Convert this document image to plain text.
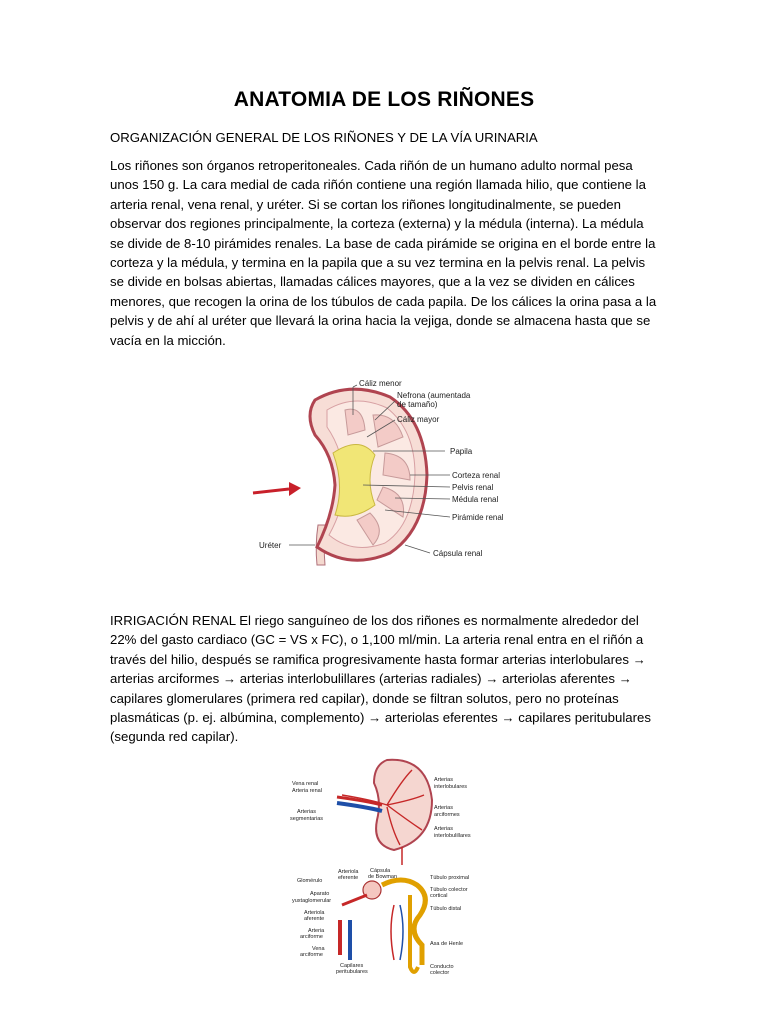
ANATOMIA DE LOS RIÑONES
ORGANIZACIÓN GENERAL DE LOS RIÑONES Y DE LA VÍA URINARIA
Los riñones son órganos retroperitoneales. Cada riñón de un humano adulto normal pesa unos 150 g. La cara medial de cada riñón contiene una región llamada hilio, que contiene la arteria renal, vena renal, y uréter. Si se cortan los riñones longitudinalmente, se pueden observar dos regiones principalmente, la corteza (externa) y la médula (interna). La médula se divide de 8-10 pirámides renales. La base de cada pirámide se origina en el borde entre la corteza y la médula, y termina en la papila que a su vez termina en la pelvis renal. La pelvis se divide en bolsas abiertas, llamadas cálices mayores, que a la vez se dividen en cálices menores, que recogen la orina de los túbulos de cada papila. De los cálices la orina pasa a la pelvis y de ahí al uréter que llevará la orina hacia la vejiga, donde se almacena hasta que se vacía en la micción.
Cáliz menor
Nefrona (aumentada
de tamaño)
Cáliz mayor
Papila
Corteza renal
Pelvis renal
Médula renal
Pirámide renal
Cápsula renal
Uréter
IRRIGACIÓN RENAL El riego sanguíneo de los dos riñones es normalmente alrededor del 22% del gasto cardiaco (GC = VS x FC), o 1,100 ml/min. La arteria renal entra en el riñón a través del hilio, después se ramifica progresivamente hasta formar arterias interlobulares → arterias arciformes → arterias interlobulillares (arterias radiales) → arteriolas aferentes → capilares glomerulares (primera red capilar), donde se filtran solutos, pero no proteínas plasmáticas (p. ej. albúmina, complemento) → arteriolas eferentes → capilares peritubulares (segunda red capilar).
Vena renal
Arteria renal
Arterias
segmentarias
Arterias
interlobulares
Arterias
arciformes
Arterias
interlobulillares
Arteriola
eferente
Cápsula
de Bowman
Glomérulo
Aparato
yuxtaglomerular
Arteriola
aferente
Arteria
arciforme
Vena
arciforme
Capilares
peritubulares
Túbulo proximal
Túbulo colector
cortical
Túbulo distal
Asa de Henle
Conducto
colector
